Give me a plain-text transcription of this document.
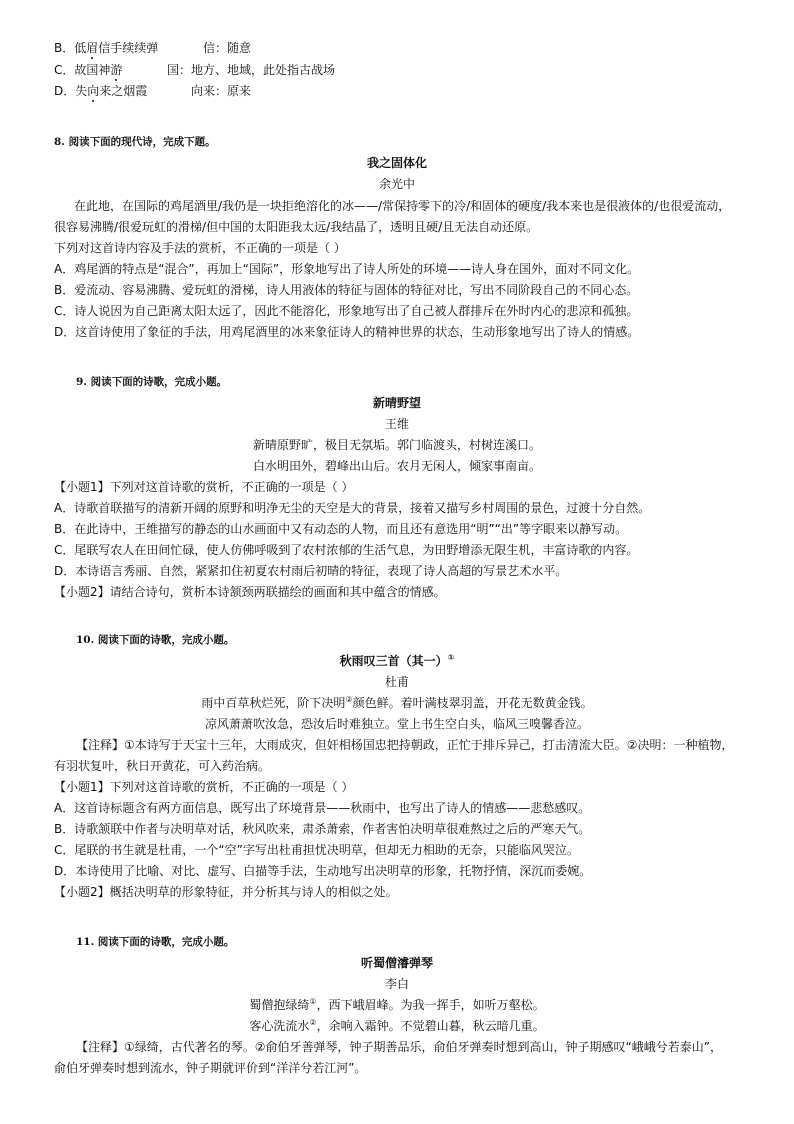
B．低眉信手续续弹	信：随意
C．故国神游	国：地方、地域，此处指古战场
D．失向来之烟霞	向来：原来
8. 阅读下面的现代诗，完成下题。
我之固体化
余光中
在此地，在国际的鸡尾酒里/我仍是一块拒绝溶化的冰——/常保持零下的冷/和固体的硬度/我本来也是很液体的/也很爱流动，
很容易沸腾/很爱玩虹的滑梯/但中国的太阳距我太远/我结晶了，透明且硬/且无法自动还原。
下列对这首诗内容及手法的赏析，不正确的一项是（ ）
A．鸡尾酒的特点是“混合”，再加上“国际”，形象地写出了诗人所处的环境——诗人身在国外，面对不同文化。
B．爱流动、容易沸腾、爱玩虹的滑梯，诗人用液体的特征与固体的特征对比，写出不同阶段自己的不同心态。
C．诗人说因为自己距离太阳太远了，因此不能溶化，形象地写出了自己被人群排斥在外时内心的悲凉和孤独。
D．这首诗使用了象征的手法，用鸡尾酒里的冰来象征诗人的精神世界的状态，生动形象地写出了诗人的情感。
9. 阅读下面的诗歌，完成小题。
新晴野望
王维
新晴原野旷，极目无氛垢。郭门临渡头，村树连溪口。
白水明田外，碧峰出山后。农月无闲人，倾家事南亩。
【小题1】下列对这首诗歌的赏析，不正确的一项是（ ）
A．诗歌首联描写的清新开阔的原野和明净无尘的天空是大的背景，接着又描写乡村周围的景色，过渡十分自然。
B．在此诗中，王维描写的静态的山水画面中又有动态的人物，而且还有意选用“明”“出”等字眼来以静写动。
C．尾联写农人在田间忙碌，使人仿佛呼吸到了农村浓郁的生活气息，为田野增添无限生机，丰富诗歌的内容。
D．本诗语言秀丽、自然，紧紧扣住初夏农村雨后初晴的特征，表现了诗人高超的写景艺术水平。
【小题2】请结合诗句，赏析本诗颔颈两联描绘的画面和其中蕴含的情感。
10. 阅读下面的诗歌，完成小题。
秋雨叹三首（其一）①
杜甫
雨中百草秋烂死，阶下决明②颜色鲜。着叶满枝翠羽盖，开花无数黄金钱。
凉风萧萧吹汝急，恐汝后时难独立。堂上书生空白头，临风三嗅馨香泣。
【注释】①本诗写于天宝十三年，大雨成灾，但奸相杨国忠把持朝政，正忙于排斥异己，打击清流大臣。②决明：一种植物，
有羽状复叶，秋日开黄花，可入药治病。
【小题1】下列对这首诗歌的赏析，不正确的一项是（ ）
A．这首诗标题含有两方面信息，既写出了环境背景——秋雨中，也写出了诗人的情感——悲愁感叹。
B．诗歌颔联中作者与决明草对话，秋风吹来，肃杀萧索，作者害怕决明草很难熬过之后的严寒天气。
C．尾联的书生就是杜甫，一个“空”字写出杜甫担忧决明草，但却无力相助的无奈，只能临风哭泣。
D．本诗使用了比喻、对比、虚写、白描等手法，生动地写出决明草的形象，托物抒情，深沉而委婉。
【小题2】概括决明草的形象特征，并分析其与诗人的相似之处。
11. 阅读下面的诗歌，完成小题。
听蜀僧濬弹琴
李白
蜀僧抱绿绮①，西下峨眉峰。为我一挥手，如听万壑松。
客心洗流水②，余响入霜钟。不觉碧山暮，秋云暗几重。
【注释】①绿绮，古代著名的琴。②俞伯牙善弹琴，钟子期善品乐，俞伯牙弹奏时想到高山，钟子期感叹“峨峨兮若泰山”，
俞伯牙弹奏时想到流水，钟子期就评价到“洋洋兮若江河”。
